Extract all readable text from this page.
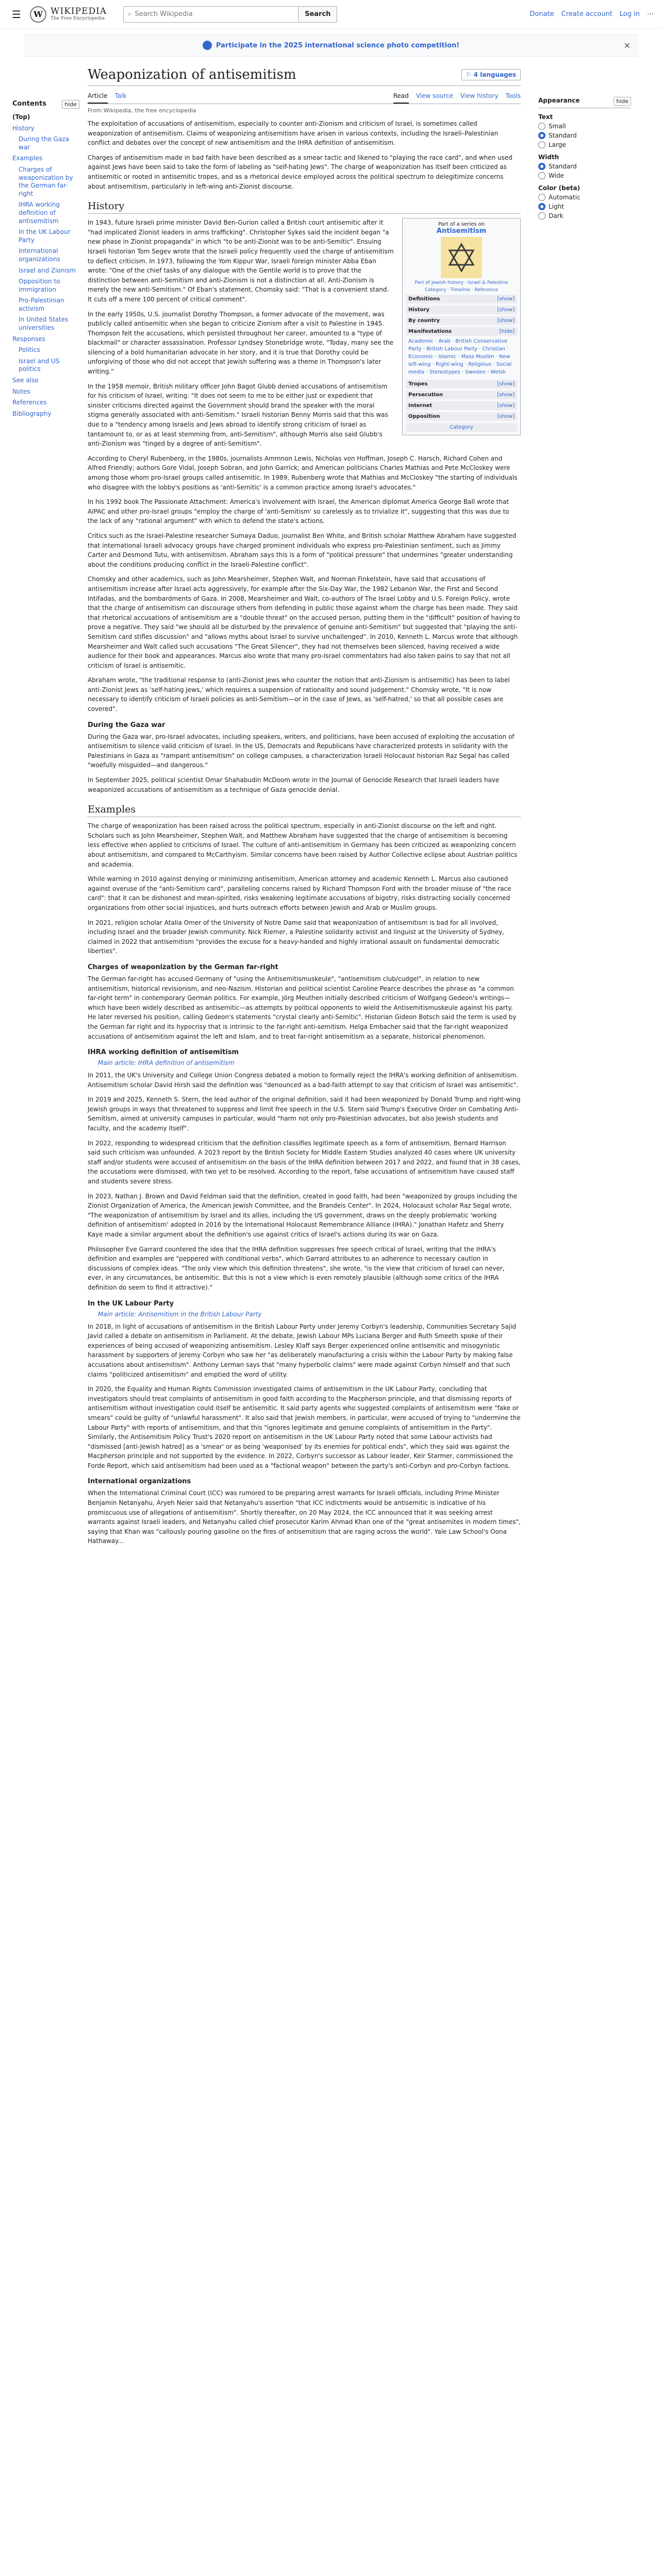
☰	W WIKIPEDIA
The Free Encyclopedia
⌕ Search Wikipedia	Search	Donate Create account Log in ⋯
Participate in the 2025 international science photo competition!	✕
Contents	hide
(Top)
History
During the Gaza war
Examples
Charges of weaponization by the German far-right
IHRA working definition of antisemitism
In the UK Labour Party
International organizations
Israel and Zionism
Opposition to immigration
Pro-Palestinian activism
In United States universities
Responses
Politics
Israel and US politics
See also
Notes
References
Bibliography
Weaponization of antisemitism	⚐ 4 languages
Article Talk	Read View source View history Tools
From Wikipedia, the free encyclopedia

The exploitation of accusations of antisemitism, especially to counter anti-Zionism and criticism of Israel, is sometimes called weaponization of antisemitism. Claims of weaponizing antisemitism have arisen in various contexts, including the Israeli–Palestinian conflict and debates over the concept of new antisemitism and the IHRA definition of antisemitism.

Charges of antisemitism made in bad faith have been described as a smear tactic and likened to "playing the race card", and when used against Jews have been said to take the form of labeling as "self-hating Jews". The charge of weaponization has itself been criticized as antisemitic or rooted in antisemitic tropes, and as a rhetorical device employed across the political spectrum to delegitimize concerns about antisemitism, particularly in left-wing anti-Zionist discourse.

History
Part of a series on
Antisemitism
Part of Jewish history · Israel & Palestine
Category · Timeline · Reference
Definitions	[show]
History	[show]
By country	[show]
Manifestations	[hide]
Academic · Arab · British Conservative Party · British Labour Party · Christian · Economic · Islamic · Mass Muslim · New left-wing · Right-wing · Religious · Social media · Stereotypes · Sweden · Welsh
Tropes	[show]
Persecution	[show]
Internet	[show]
Opposition	[show]
Category

In 1943, future Israeli prime minister David Ben-Gurion called a British court antisemitic after it "had implicated Zionist leaders in arms trafficking". Christopher Sykes said the incident began "a new phase in Zionist propaganda" in which "to be anti-Zionist was to be anti-Semitic". Ensuing Israeli historian Tom Segev wrote that the Israeli policy frequently used the charge of antisemitism to deflect criticism. In 1973, following the Yom Kippur War, Israeli foreign minister Abba Eban wrote: "One of the chief tasks of any dialogue with the Gentile world is to prove that the distinction between anti-Semitism and anti-Zionism is not a distinction at all. Anti-Zionism is merely the new anti-Semitism." Of Eban's statement, Chomsky said: "That is a convenient stand. It cuts off a mere 100 percent of critical comment".

In the early 1950s, U.S. journalist Dorothy Thompson, a former advocate of the movement, was publicly called antisemitic when she began to criticize Zionism after a visit to Palestine in 1945. Thompson felt the accusations, which persisted throughout her career, amounted to a "type of blackmail" or character assassination. Professor Lyndsey Stonebridge wrote, "Today, many see the silencing of a bold humanitarian advocate in her story, and it is true that Dorothy could be unforgiving of those who did not accept that Jewish suffering was a theme in Thompson's later writing."

In the 1958 memoir, British military officer John Bagot Glubb denied accusations of antisemitism for his criticism of Israel, writing: "It does not seem to me to be either just or expedient that sinister criticisms directed against the Government should brand the speaker with the moral stigma generally associated with anti-Semitism." Israeli historian Benny Morris said that this was due to a "tendency among Israelis and Jews abroad to identify strong criticism of Israel as tantamount to, or as at least stemming from, anti-Semitism", although Morris also said Glubb's anti-Zionism was "tinged by a degree of anti-Semitism".

According to Cheryl Rubenberg, in the 1980s, journalists Ammnon Lewis, Nicholas von Hoffman, Joseph C. Harsch, Richard Cohen and Alfred Friendly; authors Gore Vidal, Joseph Sobran, and John Garrick; and American politicians Charles Mathias and Pete McCloskey were among those whom pro-Israel groups called antisemitic. In 1989, Rubenberg wrote that Mathias and McCloskey "the starting of individuals who disagree with the lobby's positions as 'anti-Semitic' is a common practice among Israel's advocates."

In his 1992 book The Passionate Attachment: America's involvement with Israel, the American diplomat America George Ball wrote that AIPAC and other pro-Israel groups "employ the charge of 'anti-Semitism' so carelessly as to trivialize it", suggesting that this was due to the lack of any "rational argument" with which to defend the state's actions.

Critics such as the Israel-Palestine researcher Sumaya Daduo, journalist Ben White, and British scholar Matthew Abraham have suggested that international Israeli advocacy groups have charged prominent individuals who express pro-Palestinian sentiment, such as Jimmy Carter and Desmond Tutu, with antisemitism. Abraham says this is a form of "political pressure" that undermines "greater understanding about the conditions producing conflict in the Israeli-Palestine conflict".

Chomsky and other academics, such as John Mearsheimer, Stephen Walt, and Norman Finkelstein, have said that accusations of antisemitism increase after Israel acts aggressively, for example after the Six-Day War, the 1982 Lebanon War, the First and Second Intifadas, and the bombardments of Gaza. In 2008, Mearsheimer and Walt, co-authors of The Israel Lobby and U.S. Foreign Policy, wrote that the charge of antisemitism can discourage others from defending in public those against whom the charge has been made. They said that rhetorical accusations of antisemitism are a "double threat" on the accused person, putting them in the "difficult" position of having to prove a negative. They said "we should all be disturbed by the prevalence of genuine anti-Semitism" but suggested that "playing the anti-Semitism card stifles discussion" and "allows myths about Israel to survive unchallenged". In 2010, Kenneth L. Marcus wrote that although Mearsheimer and Walt called such accusations "The Great Silencer", they had not themselves been silenced, having received a wide audience for their book and appearances. Marcus also wrote that many pro-Israel commentators had also taken pains to say that not all criticism of Israel is antisemitic.

Abraham wrote, "the traditional response to (anti-Zionist Jews who counter the notion that anti-Zionism is antisemitic) has been to label anti-Zionist Jews as 'self-hating Jews,' which requires a suspension of rationality and sound judgement." Chomsky wrote, "It is now necessary to identify criticism of Israeli policies as anti-Semitism—or in the case of Jews, as 'self-hatred,' so that all possible cases are covered".

During the Gaza war

During the Gaza war, pro-Israel advocates, including speakers, writers, and politicians, have been accused of exploiting the accusation of antisemitism to silence valid criticism of Israel. In the US, Democrats and Republicans have characterized protests in solidarity with the Palestinians in Gaza as "rampant antisemitism" on college campuses, a characterization Israeli Holocaust historian Raz Segal has called "woefully misguided—and dangerous."

In September 2025, political scientist Omar Shahabudin McDoom wrote in the Journal of Genocide Research that Israeli leaders have weaponized accusations of antisemitism as a technique of Gaza genocide denial.

Examples

The charge of weaponization has been raised across the political spectrum, especially in anti-Zionist discourse on the left and right. Scholars such as John Mearsheimer, Stephen Walt, and Matthew Abraham have suggested that the charge of antisemitism is becoming less effective when applied to criticisms of Israel. The culture of anti-antisemitism in Germany has been criticized as weaponizing concern about antisemitism, and compared to McCarthyism. Similar concerns have been raised by Author Collective eclipse about Austrian politics and academia.

While warning in 2010 against denying or minimizing antisemitism, American attorney and academic Kenneth L. Marcus also cautioned against overuse of the "anti-Semitism card", paralleling concerns raised by Richard Thompson Ford with the broader misuse of "the race card": that it can be dishonest and mean-spirited, risks weakening legitimate accusations of bigotry, risks distracting socially concerned organizations from other social injustices, and hurts outreach efforts between Jewish and Arab or Muslim groups.

In 2021, religion scholar Atalia Omer of the University of Notre Dame said that weaponization of antisemitism is bad for all involved, including Israel and the broader Jewish community. Nick Riemer, a Palestine solidarity activist and linguist at the University of Sydney, claimed in 2022 that antisemitism "provides the excuse for a heavy-handed and highly irrational assault on fundamental democratic liberties".

Charges of weaponization by the German far-right

The German far-right has accused Germany of "using the Antisemitismuskeule", "antisemitism club/cudgel", in relation to new antisemitism, historical revisionism, and neo-Nazism. Historian and political scientist Caroline Pearce describes the phrase as "a common far-right term" in contemporary German politics. For example, Jörg Meuthen initially described criticism of Wolfgang Gedeon's writings—which have been widely described as antisemitic—as attempts by political opponents to wield the Antisemitismuskeule against his party. He later reversed his position, calling Gedeon's statements "crystal clearly anti-Semitic". Historian Gideon Botsch said the term is used by the German far right and its hypocrisy that is intrinsic to the far-right anti-semitism. Helga Embacher said that the far-right weaponized accusations of antisemitism against the left and Islam, and to treat far-right antisemitism as a separate, historical phenomenon.

IHRA working definition of antisemitism
Main article: IHRA definition of antisemitism

In 2011, the UK's University and College Union Congress debated a motion to formally reject the IHRA's working definition of antisemitism. Antisemitism scholar David Hirsh said the definition was "denounced as a bad-faith attempt to say that criticism of Israel was antisemitic".

In 2019 and 2025, Kenneth S. Stern, the lead author of the original definition, said it had been weaponized by Donald Trump and right-wing Jewish groups in ways that threatened to suppress and limit free speech in the U.S. Stern said Trump's Executive Order on Combating Anti-Semitism, aimed at university campuses in particular, would "harm not only pro-Palestinian advocates, but also Jewish students and faculty, and the academy itself".

In 2022, responding to widespread criticism that the definition classifies legitimate speech as a form of antisemitism, Bernard Harrison said such criticism was unfounded. A 2023 report by the British Society for Middle Eastern Studies analyzed 40 cases where UK university staff and/or students were accused of antisemitism on the basis of the IHRA definition between 2017 and 2022, and found that in 38 cases, the accusations were dismissed, with two yet to be resolved. According to the report, false accusations of antisemitism have caused staff and students severe stress.

In 2023, Nathan J. Brown and David Feldman said that the definition, created in good faith, had been "weaponized by groups including the Zionist Organization of America, the American Jewish Committee, and the Brandeis Center". In 2024, Holocaust scholar Raz Segal wrote, "The weaponization of antisemitism by Israel and its allies, including the US government, draws on the deeply problematic 'working definition of antisemitism' adopted in 2016 by the International Holocaust Remembrance Alliance (IHRA)." Jonathan Hafetz and Sherry Kaye made a similar argument about the definition's use against critics of Israel's actions during its war on Gaza.

Philosopher Eve Garrard countered the idea that the IHRA definition suppresses free speech critical of Israel, writing that the IHRA's definition and examples are "peppered with conditional verbs", which Garrard attributes to an adherence to necessary caution in discussions of complex ideas. "The only view which this definition threatens", she wrote, "is the view that criticism of Israel can never, ever, in any circumstances, be antisemitic. But this is not a view which is even remotely plausible (although some critics of the IHRA definition do seem to find it attractive)."

In the UK Labour Party
Main article: Antisemitism in the British Labour Party

In 2018, in light of accusations of antisemitism in the British Labour Party under Jeremy Corbyn's leadership, Communities Secretary Sajid Javid called a debate on antisemitism in Parliament. At the debate, Jewish Labour MPs Luciana Berger and Ruth Smeeth spoke of their experiences of being accused of weaponizing antisemitism. Lesley Klaff says Berger experienced online antisemitic and misogynistic harassment by supporters of Jeremy Corbyn who saw her "as deliberately manufacturing a crisis within the Labour Party by making false accusations about antisemitism". Anthony Lerman says that "many hyperbolic claims" were made against Corbyn himself and that such claims "politicized antisemitism" and emptied the word of utility.

In 2020, the Equality and Human Rights Commission investigated claims of antisemitism in the UK Labour Party, concluding that investigators should treat complaints of antisemitism in good faith according to the Macpherson principle, and that dismissing reports of antisemitism without investigation could itself be antisemitic. It said party agents who suggested complaints of antisemitism were "fake or smears" could be guilty of "unlawful harassment". It also said that Jewish members, in particular, were accused of trying to "undermine the Labour Party" with reports of antisemitism, and that this "ignores legitimate and genuine complaints of antisemitism in the Party". Similarly, the Antisemitism Policy Trust's 2020 report on antisemitism in the UK Labour Party noted that some Labour activists had "dismissed [anti-Jewish hatred] as a 'smear' or as being 'weaponised' by its enemies for political ends", which they said was against the Macpherson principle and not supported by the evidence. In 2022, Corbyn's successor as Labour leader, Keir Starmer, commissioned the Forde Report, which said antisemitism had been used as a "factional weapon" between the party's anti-Corbyn and pro-Corbyn factions.

International organizations

When the International Criminal Court (ICC) was rumored to be preparing arrest warrants for Israeli officials, including Prime Minister Benjamin Netanyahu, Aryeh Neier said that Netanyahu's assertion "that ICC indictments would be antisemitic is indicative of his promiscuous use of allegations of antisemitism". Shortly thereafter, on 20 May 2024, the ICC announced that it was seeking arrest warrants against Israeli leaders, and Netanyahu called chief prosecutor Karim Ahmad Khan one of the "great antisemites in modern times", saying that Khan was "callously pouring gasoline on the fires of antisemitism that are raging across the world". Yale Law School's Oona Hathaway...

Appearance	hide
Text
Small
Standard
Large
Width
Standard
Wide
Color (beta)
Automatic
Light
Dark
